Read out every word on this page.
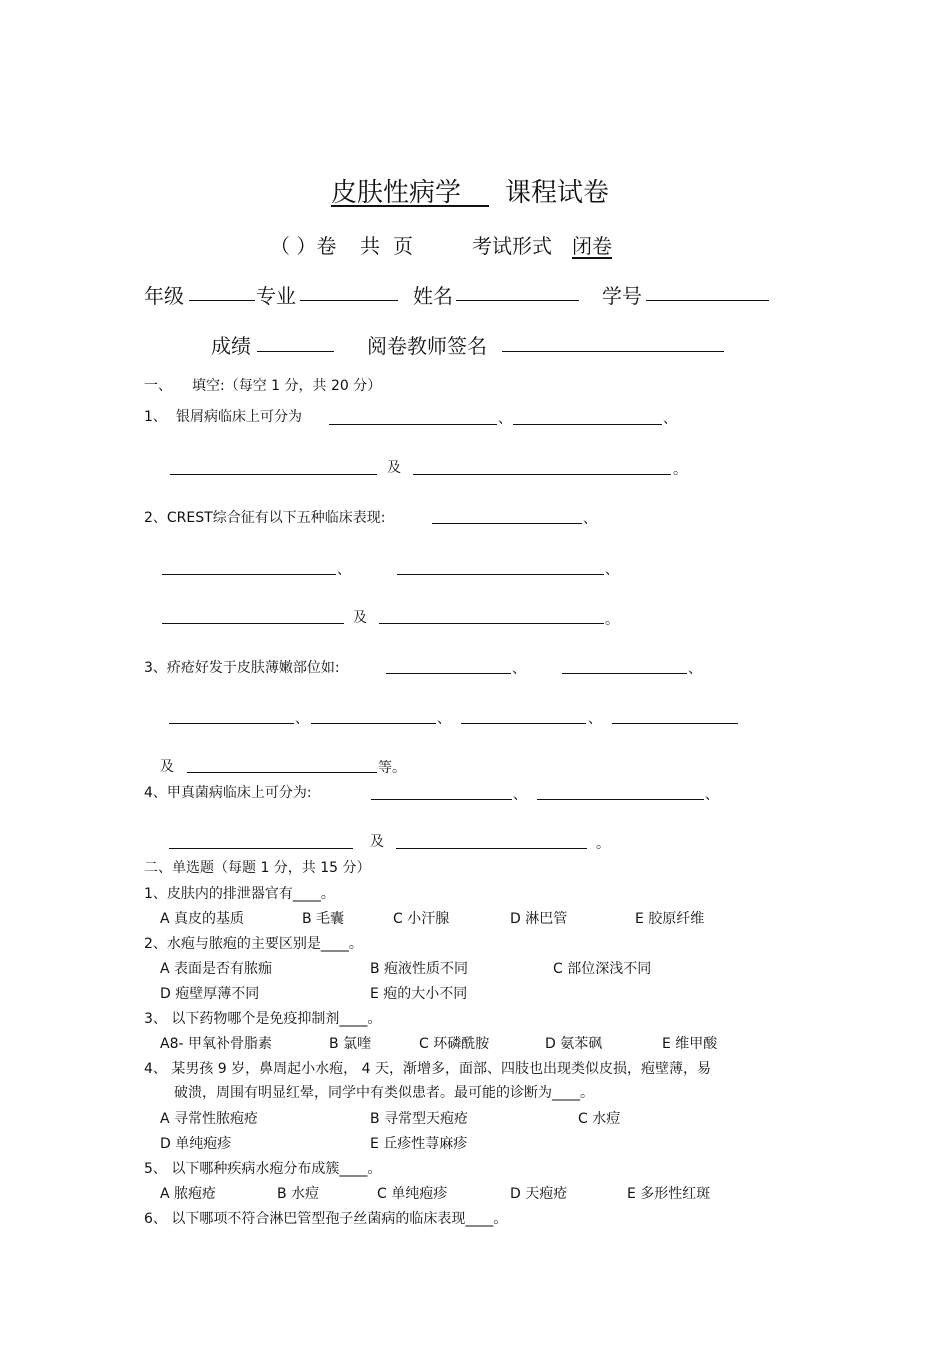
皮肤性病学 课程试卷
（ ）卷 共 页	考试形式 闭卷
年级	专业	姓名	学号
成绩	阅卷教师签名
一、 填空:（每空 1 分，共 20 分）
1、 银屑病临床上可分为	、	、
及	。
2、CREST综合征有以下五种临床表现:	、
、	、
及	。
3、疥疮好发于皮肤薄嫩部位如:	、	、
、	、	、
及	等。
4、甲真菌病临床上可分为:	、	、
及	。
二、单选题（每题 1 分，共 15 分）
1、皮肤内的排泄器官有____。
A 真皮的基质	B 毛囊	C 小汗腺	D 淋巴管	E 胶原纤维
2、水疱与脓疱的主要区别是____。
A 表面是否有脓痂	B 疱液性质不同	C 部位深浅不同
D 疱壁厚薄不同	E 疱的大小不同
3、 以下药物哪个是免疫抑制剂____。
A8- 甲氧补骨脂素	B 氯喹	C 环磷酰胺	D 氨苯砜	E 维甲酸
4、 某男孩 9 岁，鼻周起小水疱， 4 天，渐增多，面部、四肢也出现类似皮损，疱壁薄，易
破溃，周围有明显红晕，同学中有类似患者。最可能的诊断为____。
A 寻常性脓疱疮	B 寻常型天疱疮	C 水痘
D 单纯疱疹	E 丘疹性荨麻疹
5、 以下哪种疾病水疱分布成簇____。
A 脓疱疮	B 水痘	C 单纯疱疹	D 天疱疮	E 多形性红斑
6、 以下哪项不符合淋巴管型孢子丝菌病的临床表现____。
